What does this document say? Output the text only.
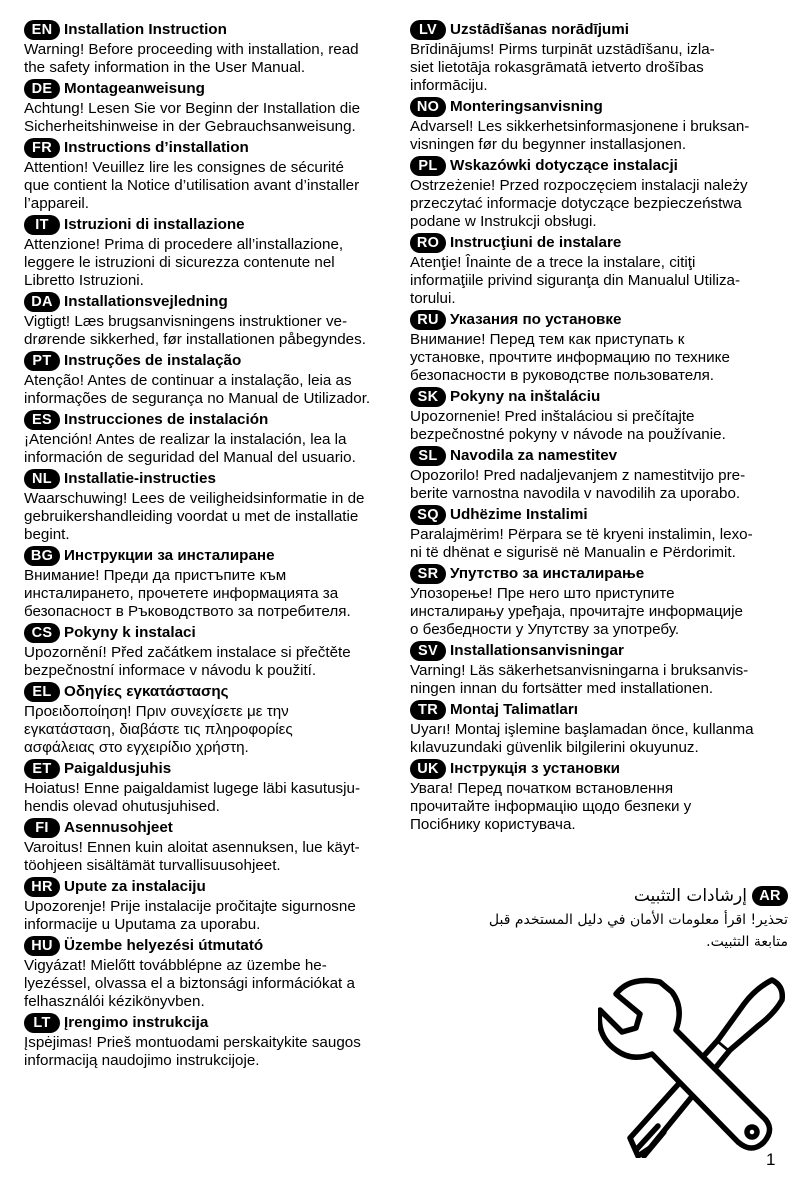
EN Installation Instruction
Warning! Before proceeding with installation, read
the safety information in the User Manual.
DE Montageanweisung
Achtung! Lesen Sie vor Beginn der Installation die
Sicherheitshinweise in der Gebrauchsanweisung.
FR Instructions d’installation
Attention! Veuillez lire les consignes de sécurité
que contient la Notice d’utilisation avant d’installer
l’appareil.
IT	Istruzioni di installazione
Attenzione! Prima di procedere all’installazione,
leggere le istruzioni di sicurezza contenute nel
Libretto Istruzioni.
DA Installationsvejledning
Vigtigt! Læs brugsanvisningens instruktioner ve-
drørende sikkerhed, før installationen påbegyndes.
PT Instruções de instalação
Atenção! Antes de continuar a instalação, leia as
informações de segurança no Manual de Utilizador.
ES Instrucciones de instalación
¡Atención! Antes de realizar la instalación, lea la
información de seguridad del Manual del usuario.
NL Installatie-instructies
Waarschuwing! Lees de veiligheidsinformatie in de
gebruikershandleiding voordat u met de installatie
begint.
BG Инструкции за инсталиране
Внимание! Преди да пристъпите към
инсталирането, прочетете информацията за
безопасност в Ръководството за потребителя.
CS Pokyny k instalaci
Upozornění! Před začátkem instalace si přečtěte
bezpečnostní informace v návodu k použití.
EL Οδηγίες εγκατάστασης
Προειδοποίηση! Πριν συνεχίσετε με την
εγκατάσταση, διαβάστε τις πληροφορίες
ασφάλειας στο εγχειρίδιο χρήστη.
ET Paigaldusjuhis
Hoiatus! Enne paigaldamist lugege läbi kasutusju-
hendis olevad ohutusjuhised.
FI	Asennusohjeet
Varoitus! Ennen kuin aloitat asennuksen, lue käyt-
töohjeen sisältämät turvallisuusohjeet.
HR Upute za instalaciju
Upozorenje! Prije instalacije pročitajte sigurnosne
informacije u Uputama za uporabu.
HU Üzembe helyezési útmutató
Vigyázat! Mielőtt továbblépne az üzembe he-
lyezéssel, olvassa el a biztonsági információkat a
felhasználói kézikönyvben.
LT Įrengimo instrukcija
Įspėjimas! Prieš montuodami perskaitykite saugos
informaciją naudojimo instrukcijoje.
LV Uzstādīšanas norādījumi
Brīdinājums! Pirms turpināt uzstādīšanu, izla-
siet lietotāja rokasgrāmatā ietverto drošības
informāciju.
NO Monteringsanvisning
Advarsel! Les sikkerhetsinformasjonene i bruksan-
visningen før du begynner installasjonen.
PL Wskazówki dotyczące instalacji
Ostrzeżenie! Przed rozpoczęciem instalacji należy
przeczytać informacje dotyczące bezpieczeństwa
podane w Instrukcji obsługi.
RO Instrucţiuni de instalare
Atenţie! Înainte de a trece la instalare, citiţi
informaţiile privind siguranţa din Manualul Utiliza-
torului.
RU Указания по установке
Внимание! Перед тем как приступать к
установке, прочтите информацию по технике
безопасности в руководстве пользователя.
SK Pokyny na inštaláciu
Upozornenie! Pred inštaláciou si prečítajte
bezpečnostné pokyny v návode na používanie.
SL Navodila za namestitev
Opozorilo! Pred nadaljevanjem z namestitvijo pre-
berite varnostna navodila v navodilih za uporabo.
SQ Udhëzime Instalimi
Paralajmërim! Përpara se të kryeni instalimin, lexo-
ni të dhënat e sigurisë në Manualin e Përdorimit.
SR Упутство за инсталирање
Упозорење! Пре него што приступите
инсталирању уређаја, прочитајте информације
о безбедности у Упутству за употребу.
SV Installationsanvisningar
Varning! Läs säkerhetsanvisningarna i bruksanvis-
ningen innan du fortsätter med installationen.
TR Montaj Talimatları
Uyarı! Montaj işlemine başlamadan önce, kullanma
kılavuzundaki güvenlik bilgilerini okuyunuz.
UK Інструкція з установки
Увага! Перед початком встановлення
прочитайте інформацію щодо безпеки у
Посібнику користувача.
AR
إرشادات التثبيت
تحذير! اقرأ معلومات الأمان في دليل المستخدم قبل
متابعة التثبيت.
1
